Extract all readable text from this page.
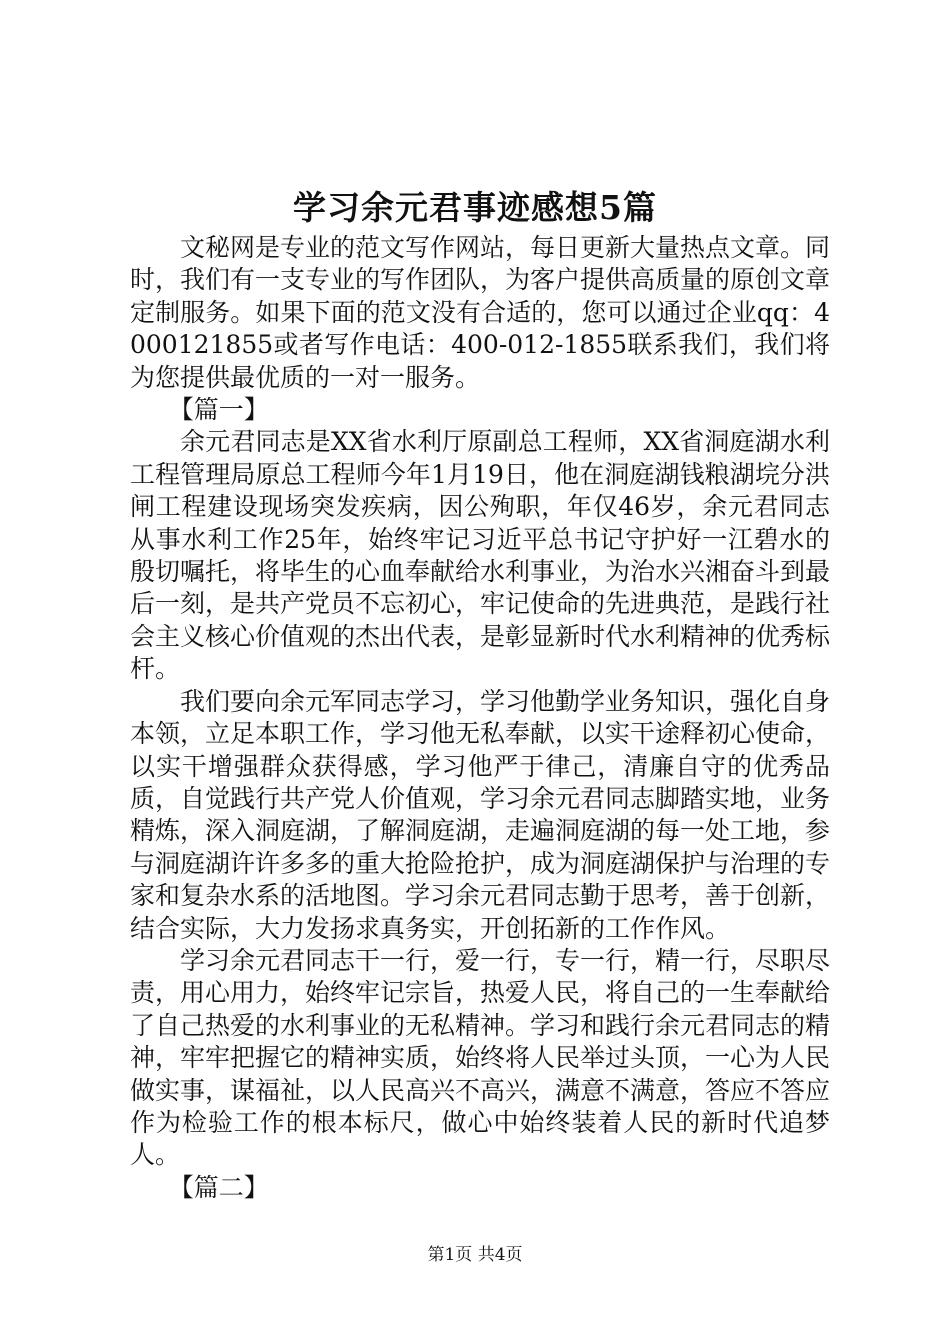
学习余元君事迹感想5篇

文秘网是专业的范文写作网站，每日更新大量热点文章。同时，我们有一支专业的写作团队，为客户提供高质量的原创文章定制服务。如果下面的范文没有合适的，您可以通过企业qq：4000121855或者写作电话：400-012-1855联系我们，我们将为您提供最优质的一对一服务。

【篇一】

余元君同志是XX省水利厅原副总工程师，XX省洞庭湖水利工程管理局原总工程师今年1月19日，他在洞庭湖钱粮湖垸分洪闸工程建设现场突发疾病，因公殉职，年仅46岁，余元君同志从事水利工作25年，始终牢记习近平总书记守护好一江碧水的殷切嘱托，将毕生的心血奉献给水利事业，为治水兴湘奋斗到最后一刻，是共产党员不忘初心，牢记使命的先进典范，是践行社会主义核心价值观的杰出代表，是彰显新时代水利精神的优秀标杆。

我们要向余元军同志学习，学习他勤学业务知识，强化自身本领，立足本职工作，学习他无私奉献，以实干途释初心使命，以实干增强群众获得感，学习他严于律己，清廉自守的优秀品质，自觉践行共产党人价值观，学习余元君同志脚踏实地，业务精炼，深入洞庭湖，了解洞庭湖，走遍洞庭湖的每一处工地，参与洞庭湖许许多多的重大抢险抢护，成为洞庭湖保护与治理的专家和复杂水系的活地图。学习余元君同志勤于思考，善于创新，结合实际，大力发扬求真务实，开创拓新的工作作风。

学习余元君同志干一行，爱一行，专一行，精一行，尽职尽责，用心用力，始终牢记宗旨，热爱人民，将自己的一生奉献给了自己热爱的水利事业的无私精神。学习和践行余元君同志的精神，牢牢把握它的精神实质，始终将人民举过头顶，一心为人民做实事，谋福祉，以人民高兴不高兴，满意不满意，答应不答应作为检验工作的根本标尺，做心中始终装着人民的新时代追梦人。

【篇二】

第1页 共4页
